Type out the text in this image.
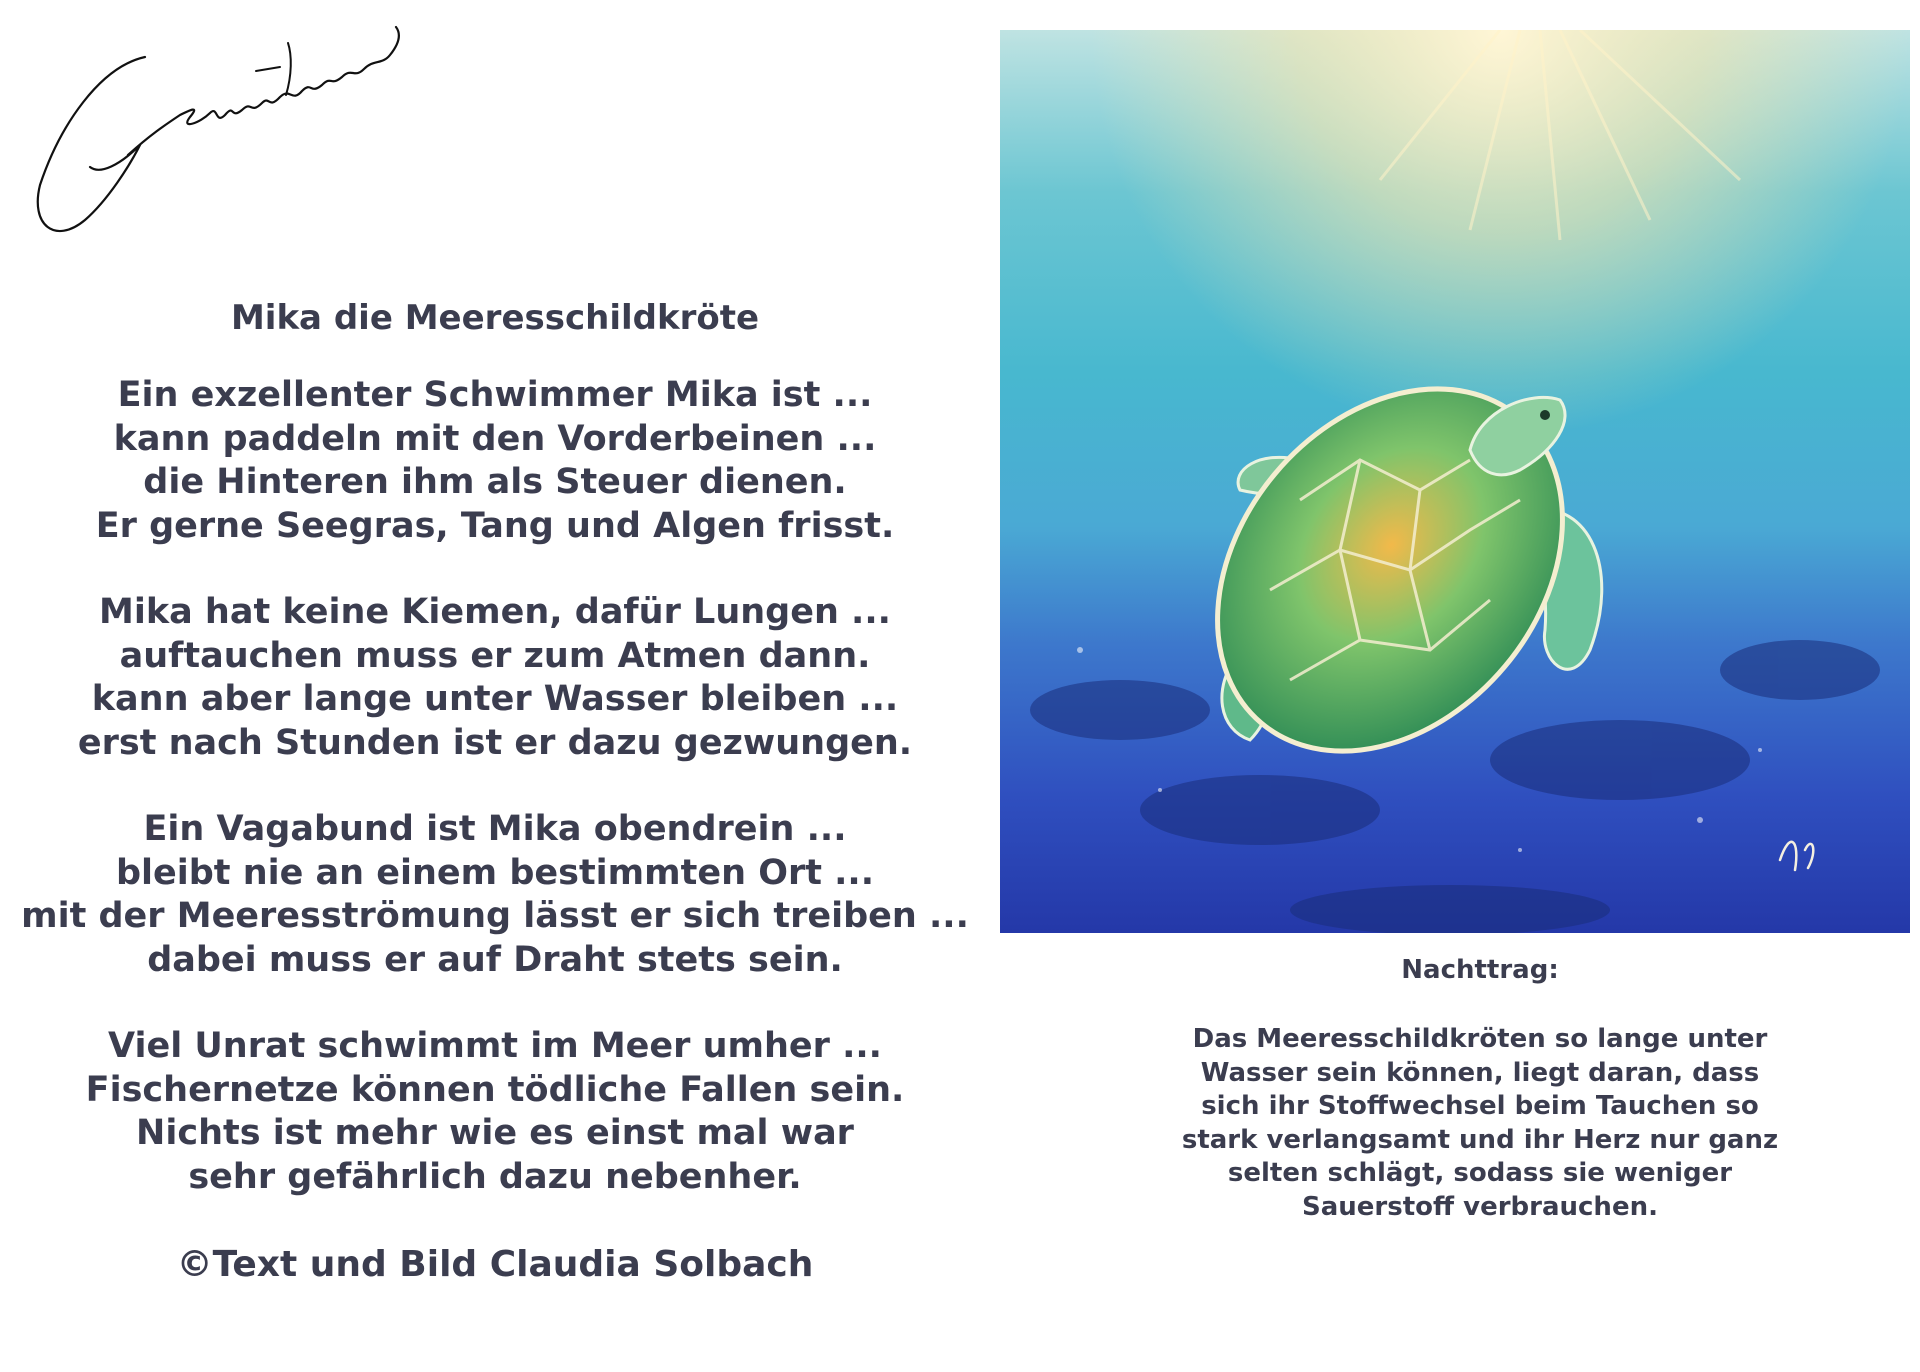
Mika die Meeresschildkröte
Ein exzellenter Schwimmer Mika ist ...
kann paddeln mit den Vorderbeinen ...
die Hinteren ihm als Steuer dienen.
Er gerne Seegras, Tang und Algen frisst.
Mika hat keine Kiemen, dafür Lungen ...
auftauchen muss er zum Atmen dann.
kann aber lange unter Wasser bleiben ...
erst nach Stunden ist er dazu gezwungen.
Ein Vagabund ist Mika obendrein ...
bleibt nie an einem bestimmten Ort ...
mit der Meeresströmung lässt er sich treiben ...
dabei muss er auf Draht stets sein.
Viel Unrat schwimmt im Meer umher ...
Fischernetze können tödliche Fallen sein.
Nichts ist mehr wie es einst mal war
sehr gefährlich dazu nebenher.
©Text und Bild Claudia Solbach
Nachttrag:
Das Meeresschildkröten so lange unter
Wasser sein können, liegt daran, dass
sich ihr Stoffwechsel beim Tauchen so
stark verlangsamt und ihr Herz nur ganz
selten schlägt, sodass sie weniger
Sauerstoff verbrauchen.
